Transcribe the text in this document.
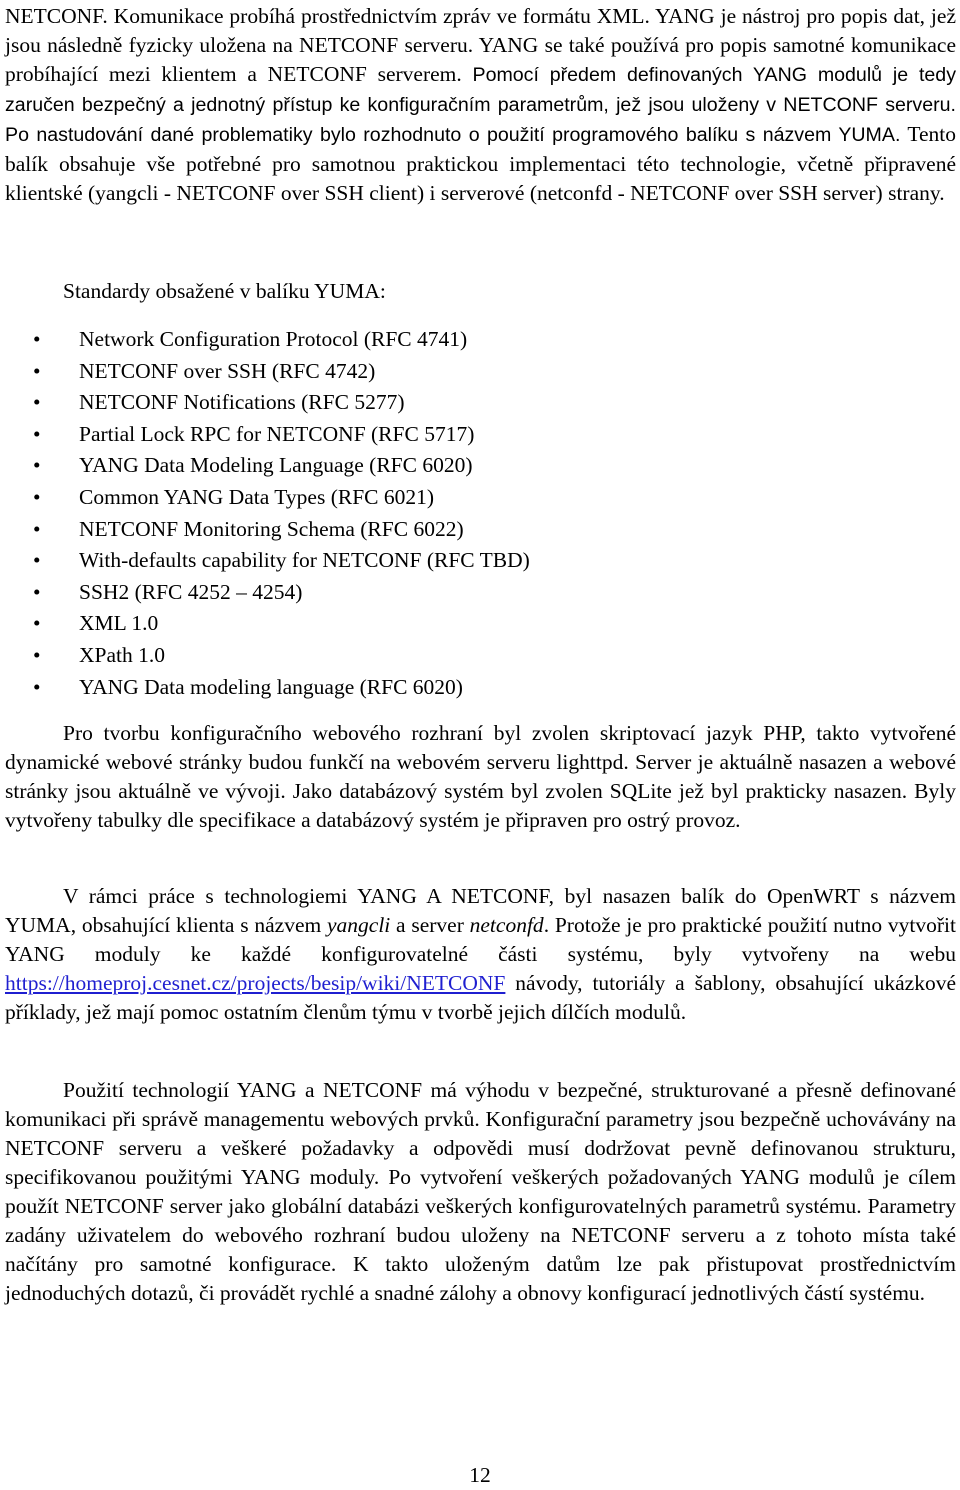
NETCONF. Komunikace probíhá prostřednictvím zpráv ve formátu XML. YANG je nástroj pro popis dat, jež jsou následně fyzicky uložena na NETCONF serveru. YANG se také používá pro popis samotné komunikace probíhající mezi klientem a NETCONF serverem. Pomocí předem definovaných YANG modulů je tedy zaručen bezpečný a jednotný přístup ke konfiguračním parametrům, jež jsou uloženy v NETCONF serveru. Po nastudování dané problematiky bylo rozhodnuto o použití programového balíku s názvem YUMA. Tento balík obsahuje vše potřebné pro samotnou praktickou implementaci této technologie, včetně připravené klientské (yangcli - NETCONF over SSH client) i serverové (netconfd - NETCONF over SSH server) strany.

Standardy obsažené v balíku YUMA:

• Network Configuration Protocol (RFC 4741)
• NETCONF over SSH (RFC 4742)
• NETCONF Notifications (RFC 5277)
• Partial Lock RPC for NETCONF (RFC 5717)
• YANG Data Modeling Language (RFC 6020)
• Common YANG Data Types (RFC 6021)
• NETCONF Monitoring Schema (RFC 6022)
• With-defaults capability for NETCONF (RFC TBD)
• SSH2 (RFC 4252 – 4254)
• XML 1.0
• XPath 1.0
• YANG Data modeling language (RFC 6020)

Pro tvorbu konfiguračního webového rozhraní byl zvolen skriptovací jazyk PHP, takto vytvořené dynamické webové stránky budou funkčí na webovém serveru lighttpd. Server je aktuálně nasazen a webové stránky jsou aktuálně ve vývoji. Jako databázový systém byl zvolen SQLite jež byl prakticky nasazen. Byly vytvořeny tabulky dle specifikace a databázový systém je připraven pro ostrý provoz.

V rámci práce s technologiemi YANG A NETCONF, byl nasazen balík do OpenWRT s názvem YUMA, obsahující klienta s názvem yangcli a server netconfd. Protože je pro praktické použití nutno vytvořit YANG moduly ke každé konfigurovatelné části systému, byly vytvořeny na webu https://homeproj.cesnet.cz/projects/besip/wiki/NETCONF návody, tutoriály a šablony, obsahující ukázkové příklady, jež mají pomoc ostatním členům týmu v tvorbě jejich dílčích modulů.

Použití technologií YANG a NETCONF má výhodu v bezpečné, strukturované a přesně definované komunikaci při správě managementu webových prvků. Konfigurační parametry jsou bezpečně uchovávány na NETCONF serveru a veškeré požadavky a odpovědi musí dodržovat pevně definovanou strukturu, specifikovanou použitými YANG moduly. Po vytvoření veškerých požadovaných YANG modulů je cílem použít NETCONF server jako globální databázi veškerých konfigurovatelných parametrů systému. Parametry zadány uživatelem do webového rozhraní budou uloženy na NETCONF serveru a z tohoto místa také načítány pro samotné konfigurace. K takto uloženým datům lze pak přistupovat prostřednictvím jednoduchých dotazů, či provádět rychlé a snadné zálohy a obnovy konfigurací jednotlivých částí systému.

12
